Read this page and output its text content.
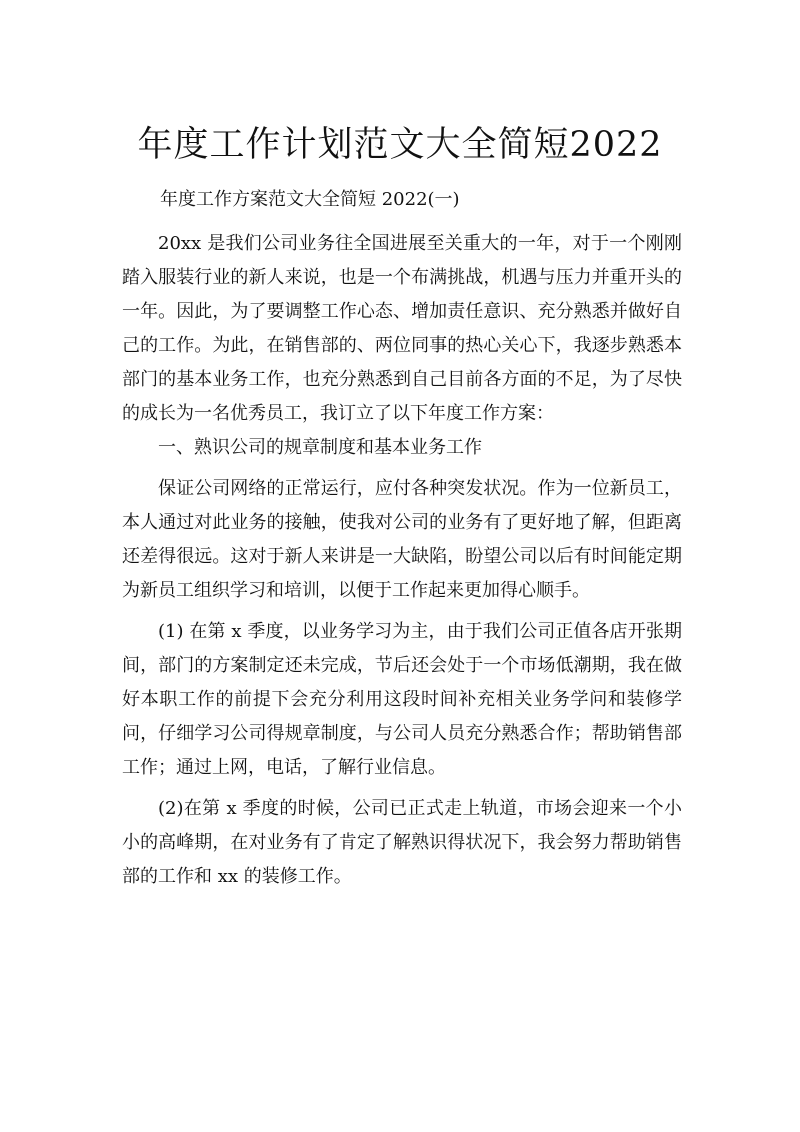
年度工作计划范文大全简短2022

年度工作方案范文大全简短 2022(一)

20xx 是我们公司业务往全国进展至关重大的一年，对于一个刚刚踏入服装行业的新人来说，也是一个布满挑战，机遇与压力并重开头的一年。因此，为了要调整工作心态、增加责任意识、充分熟悉并做好自己的工作。为此，在销售部的、两位同事的热心关心下，我逐步熟悉本部门的基本业务工作，也充分熟悉到自己目前各方面的不足，为了尽快的成长为一名优秀员工，我订立了以下年度工作方案：

一、熟识公司的规章制度和基本业务工作

保证公司网络的正常运行，应付各种突发状况。作为一位新员工，本人通过对此业务的接触，使我对公司的业务有了更好地了解，但距离还差得很远。这对于新人来讲是一大缺陷，盼望公司以后有时间能定期为新员工组织学习和培训，以便于工作起来更加得心顺手。

(1) 在第 x 季度，以业务学习为主，由于我们公司正值各店开张期间，部门的方案制定还未完成，节后还会处于一个市场低潮期，我在做好本职工作的前提下会充分利用这段时间补充相关业务学问和装修学问，仔细学习公司得规章制度，与公司人员充分熟悉合作；帮助销售部工作；通过上网，电话，了解行业信息。

(2)在第 x 季度的时候，公司已正式走上轨道，市场会迎来一个小小的高峰期，在对业务有了肯定了解熟识得状况下，我会努力帮助销售部的工作和 xx 的装修工作。
